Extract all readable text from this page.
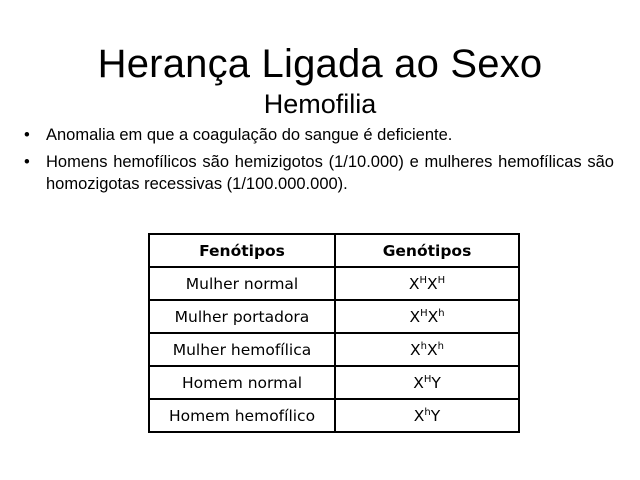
Herança Ligada ao Sexo
Hemofilia
• Anomalia em que a coagulação do sangue é deficiente.
• Homens hemofílicos são hemizigotos (1/10.000) e mulheres hemofílicas são homozigotas recessivas (1/100.000.000).
Fenótipos	Genótipos
Mulher normal	$X^HX^H$
Mulher portadora	$X^HX^h$
Mulher hemofílica	$X^hX^h$
Homem normal	$X^HY$
Homem hemofílico	$X^hY$
